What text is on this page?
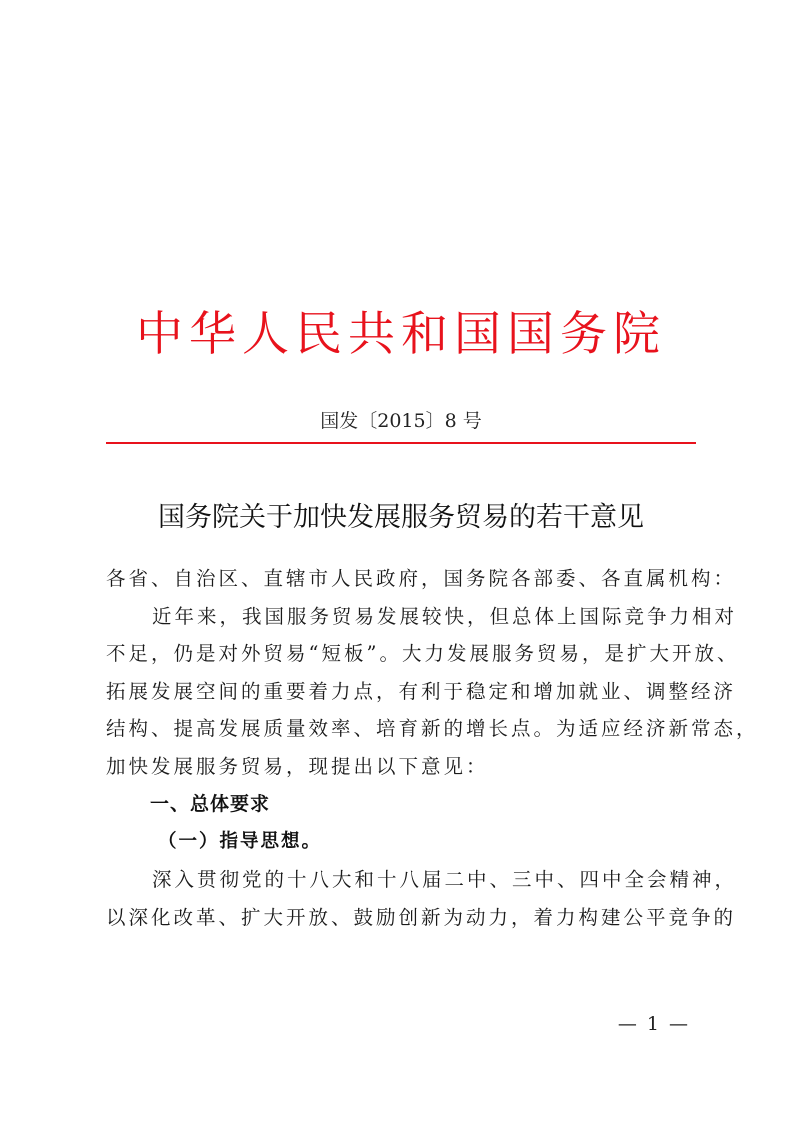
中华人民共和国国务院
国发〔2015〕8 号
国务院关于加快发展服务贸易的若干意见
各省、自治区、直辖市人民政府，国务院各部委、各直属机构：
近年来，我国服务贸易发展较快，但总体上国际竞争力相对
不足，仍是对外贸易“短板”。大力发展服务贸易，是扩大开放、
拓展发展空间的重要着力点，有利于稳定和增加就业、调整经济
结构、提高发展质量效率、培育新的增长点。为适应经济新常态，
加快发展服务贸易，现提出以下意见：
一、总体要求
（一）指导思想。
深入贯彻党的十八大和十八届二中、三中、四中全会精神，
以深化改革、扩大开放、鼓励创新为动力，着力构建公平竞争的
— 1 —
